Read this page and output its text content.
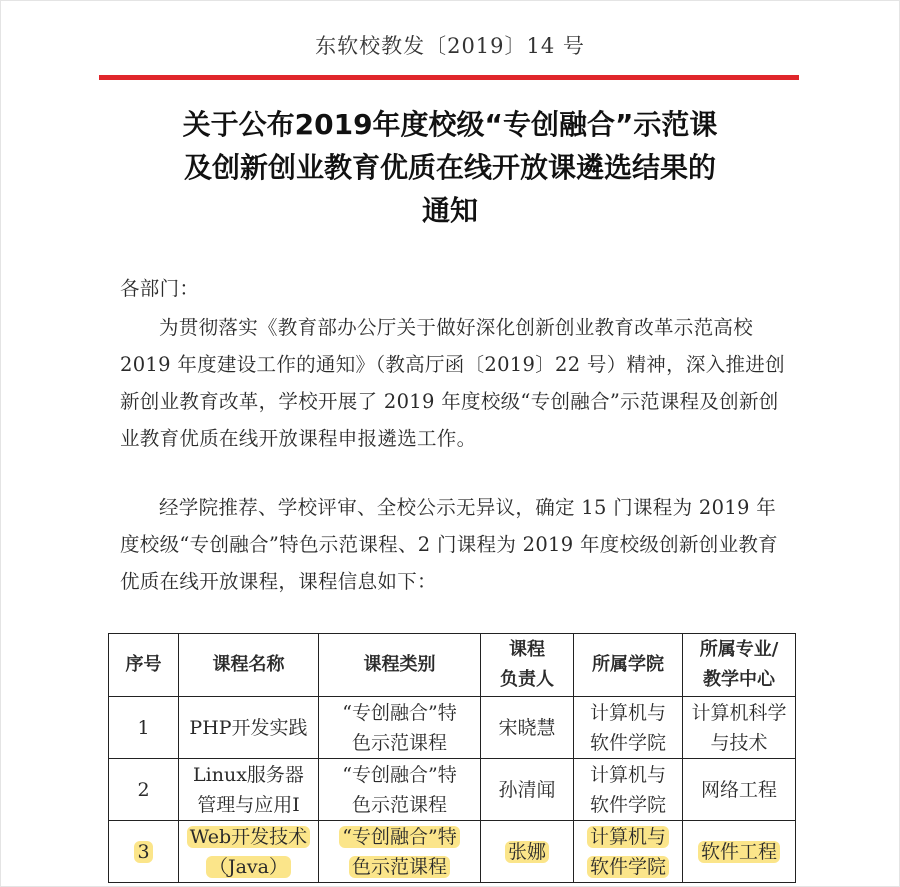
东软校教发〔2019〕14 号
关于公布2019年度校级“专创融合”示范课
及创新创业教育优质在线开放课遴选结果的
通知
各部门：
为贯彻落实《教育部办公厅关于做好深化创新创业教育改革示范高校 2019 年度建设工作的通知》（教高厅函〔2019〕22 号）精神，深入推进创新创业教育改革，学校开展了 2019 年度校级“专创融合”示范课程及创新创业教育优质在线开放课程申报遴选工作。
经学院推荐、学校评审、全校公示无异议，确定 15 门课程为 2019 年度校级“专创融合”特色示范课程、2 门课程为 2019 年度校级创新创业教育优质在线开放课程，课程信息如下：
序号	课程名称	课程类别	课程
负责人	所属学院	所属专业/
教学中心

1	PHP开发实践	“专创融合”特
色示范课程	宋晓慧	计算机与
软件学院	计算机科学
与技术

2	Linux服务器
管理与应用I	“专创融合”特
色示范课程	孙清闻	计算机与
软件学院	网络工程

3	Web开发技术
（Java）	“专创融合”特
色示范课程	张娜	计算机与
软件学院	软件工程
